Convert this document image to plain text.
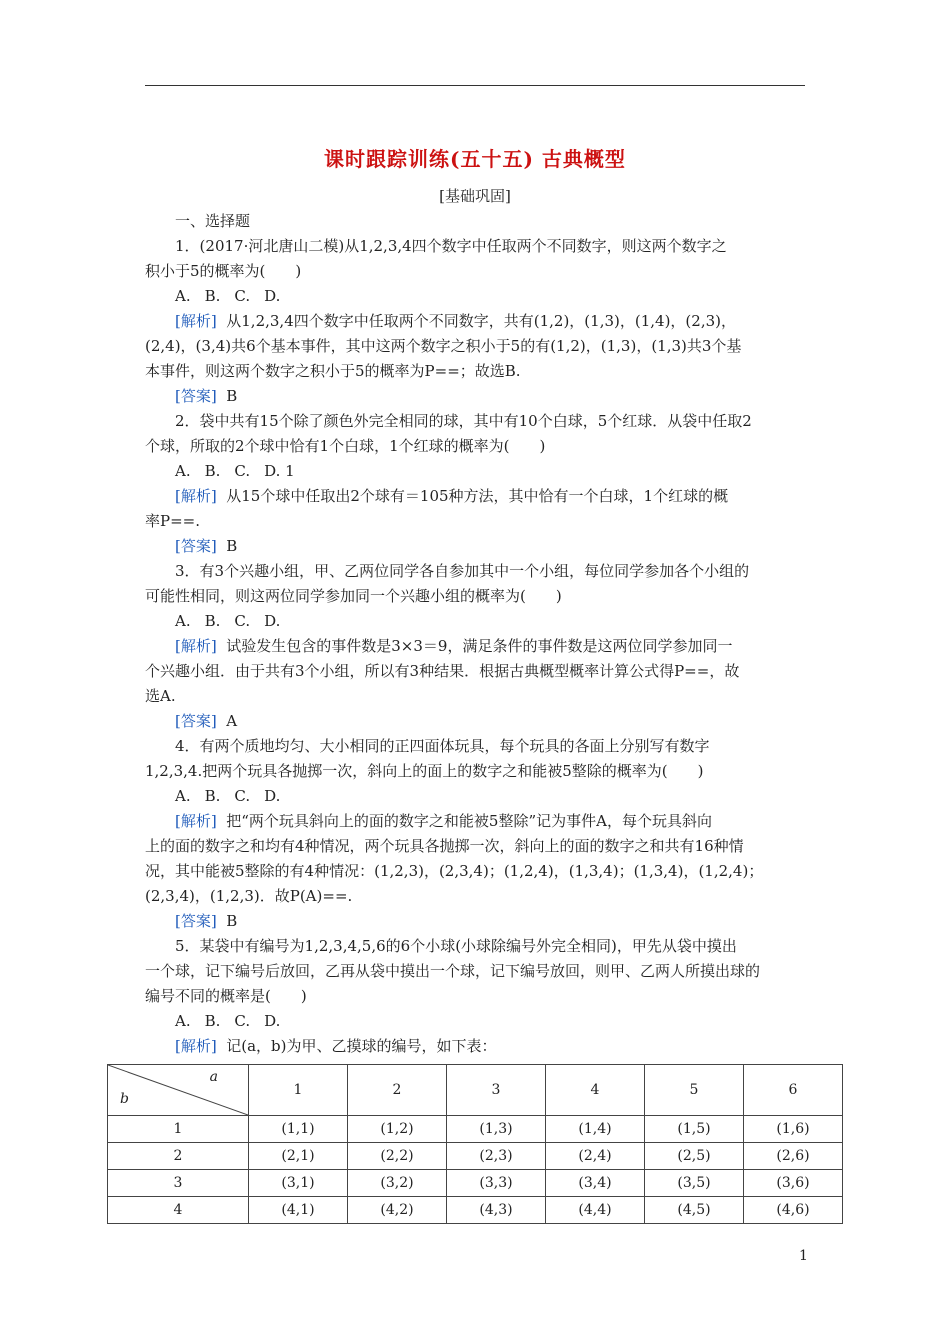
课时跟踪训练(五十五) 古典概型
[基础巩固]

一、选择题

1．(2017·河北唐山二模)从1,2,3,4四个数字中任取两个不同数字，则这两个数字之

积小于5的概率为(　　)

A. B. C. D.

[解析] 从1,2,3,4四个数字中任取两个不同数字，共有(1,2)，(1,3)，(1,4)，(2,3)，

(2,4)，(3,4)共6个基本事件，其中这两个数字之积小于5的有(1,2)，(1,3)，(1,3)共3个基

本事件，则这两个数字之积小于5的概率为P==；故选B.

[答案] B

2．袋中共有15个除了颜色外完全相同的球，其中有10个白球，5个红球．从袋中任取2

个球，所取的2个球中恰有1个白球，1个红球的概率为(　　)

A. B. C. D. 1

[解析] 从15个球中任取出2个球有＝105种方法，其中恰有一个白球，1个红球的概

率P==.

[答案] B

3．有3个兴趣小组，甲、乙两位同学各自参加其中一个小组，每位同学参加各个小组的

可能性相同，则这两位同学参加同一个兴趣小组的概率为(　　)

A. B. C. D.

[解析] 试验发生包含的事件数是3×3＝9，满足条件的事件数是这两位同学参加同一

个兴趣小组．由于共有3个小组，所以有3种结果．根据古典概型概率计算公式得P==，故

选A.

[答案] A

4．有两个质地均匀、大小相同的正四面体玩具，每个玩具的各面上分别写有数字

1,2,3,4.把两个玩具各抛掷一次，斜向上的面上的数字之和能被5整除的概率为(　　)

A. B. C. D.

[解析] 把“两个玩具斜向上的面的数字之和能被5整除”记为事件A，每个玩具斜向

上的面的数字之和均有4种情况，两个玩具各抛掷一次，斜向上的面的数字之和共有16种情

况，其中能被5整除的有4种情况：(1,2,3)，(2,3,4)；(1,2,4)，(1,3,4)；(1,3,4)，(1,2,4)；

(2,3,4)，(1,2,3)．故P(A)==.

[答案] B

5．某袋中有编号为1,2,3,4,5,6的6个小球(小球除编号外完全相同)，甲先从袋中摸出

一个球，记下编号后放回，乙再从袋中摸出一个球，记下编号放回，则甲、乙两人所摸出球的

编号不同的概率是(　　)

A. B. C. D.

[解析] 记(a，b)为甲、乙摸球的编号，如下表：

a
b	1	2	3	4	5	6
1	(1,1)	(1,2)	(1,3)	(1,4)	(1,5)	(1,6)
2	(2,1)	(2,2)	(2,3)	(2,4)	(2,5)	(2,6)
3	(3,1)	(3,2)	(3,3)	(3,4)	(3,5)	(3,6)
4	(4,1)	(4,2)	(4,3)	(4,4)	(4,5)	(4,6)
1
